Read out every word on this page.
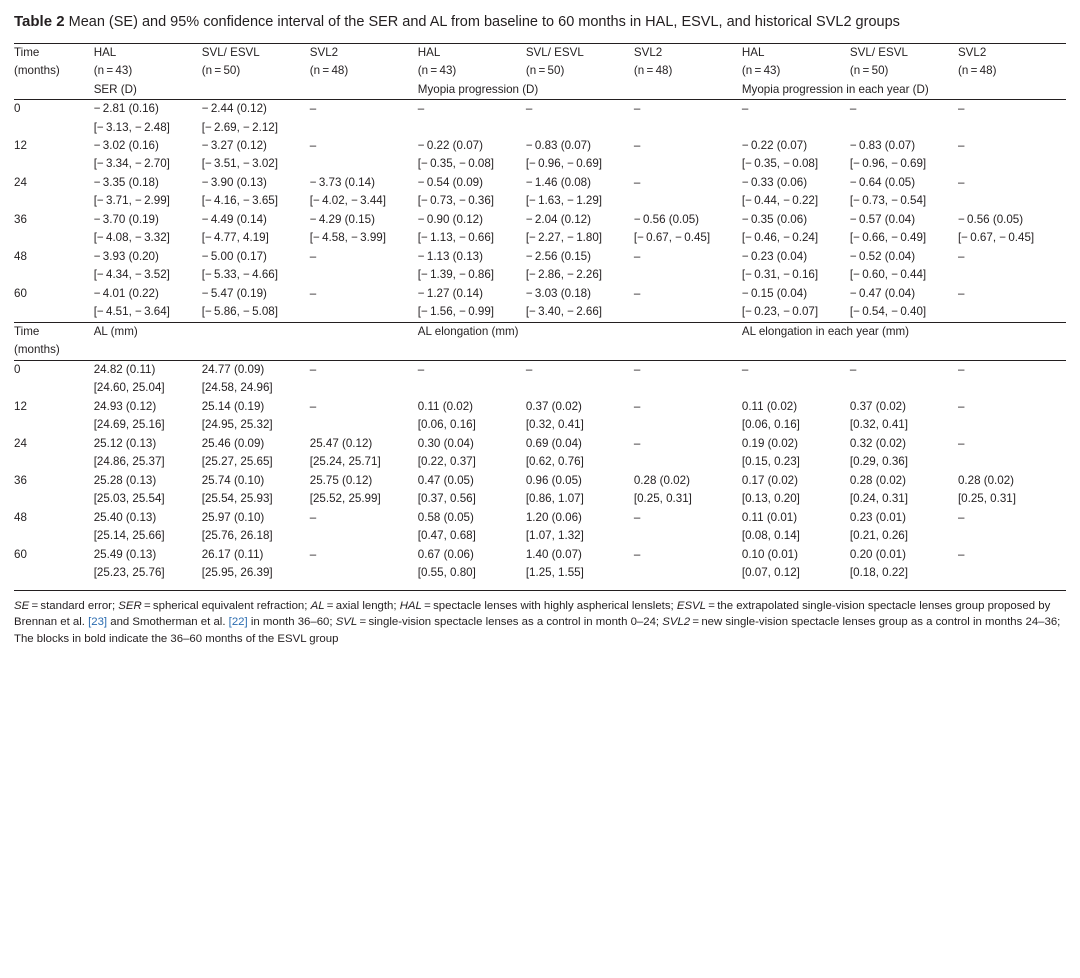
Table 2 Mean (SE) and 95% confidence interval of the SER and AL from baseline to 60 months in HAL, ESVL, and historical SVL2 groups
Time	HAL	SVL/ ESVL	SVL2	HAL	SVL/ ESVL	SVL2	HAL	SVL/ ESVL	SVL2
(months)	(n = 43)	(n = 50)	(n = 48)	(n = 43)	(n = 50)	(n = 48)	(n = 43)	(n = 50)	(n = 48)
	SER (D)			Myopia progression (D)			Myopia progression in each year (D)		
0	− 2.81 (0.16)	− 2.44 (0.12)	–	–	–	–	–	–	–
	[− 3.13, − 2.48]	[− 2.69, − 2.12]							
12	− 3.02 (0.16)	− 3.27 (0.12)	–	− 0.22 (0.07)	− 0.83 (0.07)	–	− 0.22 (0.07)	− 0.83 (0.07)	–
	[− 3.34, − 2.70]	[− 3.51, − 3.02]		[− 0.35, − 0.08]	[− 0.96, − 0.69]		[− 0.35, − 0.08]	[− 0.96, − 0.69]	
24	− 3.35 (0.18)	− 3.90 (0.13)	− 3.73 (0.14)	− 0.54 (0.09)	− 1.46 (0.08)	–	− 0.33 (0.06)	− 0.64 (0.05)	–
	[− 3.71, − 2.99]	[− 4.16, − 3.65]	[− 4.02, − 3.44]	[− 0.73, − 0.36]	[− 1.63, − 1.29]		[− 0.44, − 0.22]	[− 0.73, − 0.54]	
36	− 3.70 (0.19)	− 4.49 (0.14)	− 4.29 (0.15)	− 0.90 (0.12)	− 2.04 (0.12)	− 0.56 (0.05)	− 0.35 (0.06)	− 0.57 (0.04)	− 0.56 (0.05)
	[− 4.08, − 3.32]	[− 4.77, 4.19]	[− 4.58, − 3.99]	[− 1.13, − 0.66]	[− 2.27, − 1.80]	[− 0.67, − 0.45]	[− 0.46, − 0.24]	[− 0.66, − 0.49]	[− 0.67, − 0.45]
48	− 3.93 (0.20)	− 5.00 (0.17)	–	− 1.13 (0.13)	− 2.56 (0.15)	–	− 0.23 (0.04)	− 0.52 (0.04)	–
	[− 4.34, − 3.52]	[− 5.33, − 4.66]		[− 1.39, − 0.86]	[− 2.86, − 2.26]		[− 0.31, − 0.16]	[− 0.60, − 0.44]	
60	− 4.01 (0.22)	− 5.47 (0.19)	–	− 1.27 (0.14)	− 3.03 (0.18)	–	− 0.15 (0.04)	− 0.47 (0.04)	–
	[− 4.51, − 3.64]	[− 5.86, − 5.08]		[− 1.56, − 0.99]	[− 3.40, − 2.66]		[− 0.23, − 0.07]	[− 0.54, − 0.40]	
Time	AL (mm)			AL elongation (mm)			AL elongation in each year (mm)		
(months)									
0	24.82 (0.11)	24.77 (0.09)	–	–	–	–	–	–	–
	[24.60, 25.04]	[24.58, 24.96]							
12	24.93 (0.12)	25.14 (0.19)	–	0.11 (0.02)	0.37 (0.02)	–	0.11 (0.02)	0.37 (0.02)	–
	[24.69, 25.16]	[24.95, 25.32]		[0.06, 0.16]	[0.32, 0.41]		[0.06, 0.16]	[0.32, 0.41]	
24	25.12 (0.13)	25.46 (0.09)	25.47 (0.12)	0.30 (0.04)	0.69 (0.04)	–	0.19 (0.02)	0.32 (0.02)	–
	[24.86, 25.37]	[25.27, 25.65]	[25.24, 25.71]	[0.22, 0.37]	[0.62, 0.76]		[0.15, 0.23]	[0.29, 0.36]	
36	25.28 (0.13)	25.74 (0.10)	25.75 (0.12)	0.47 (0.05)	0.96 (0.05)	0.28 (0.02)	0.17 (0.02)	0.28 (0.02)	0.28 (0.02)
	[25.03, 25.54]	[25.54, 25.93]	[25.52, 25.99]	[0.37, 0.56]	[0.86, 1.07]	[0.25, 0.31]	[0.13, 0.20]	[0.24, 0.31]	[0.25, 0.31]
48	25.40 (0.13)	25.97 (0.10)	–	0.58 (0.05)	1.20 (0.06)	–	0.11 (0.01)	0.23 (0.01)	–
	[25.14, 25.66]	[25.76, 26.18]		[0.47, 0.68]	[1.07, 1.32]		[0.08, 0.14]	[0.21, 0.26]	
60	25.49 (0.13)	26.17 (0.11)	–	0.67 (0.06)	1.40 (0.07)	–	0.10 (0.01)	0.20 (0.01)	–
	[25.23, 25.76]	[25.95, 26.39]		[0.55, 0.80]	[1.25, 1.55]		[0.07, 0.12]	[0.18, 0.22]	
SE = standard error; SER = spherical equivalent refraction; AL = axial length; HAL = spectacle lenses with highly aspherical lenslets; ESVL = the extrapolated single-vision spectacle lenses group proposed by Brennan et al. [23] and Smotherman et al. [22] in month 36–60; SVL = single-vision spectacle lenses as a control in month 0–24; SVL2 = new single-vision spectacle lenses group as a control in months 24–36; The blocks in bold indicate the 36–60 months of the ESVL group
